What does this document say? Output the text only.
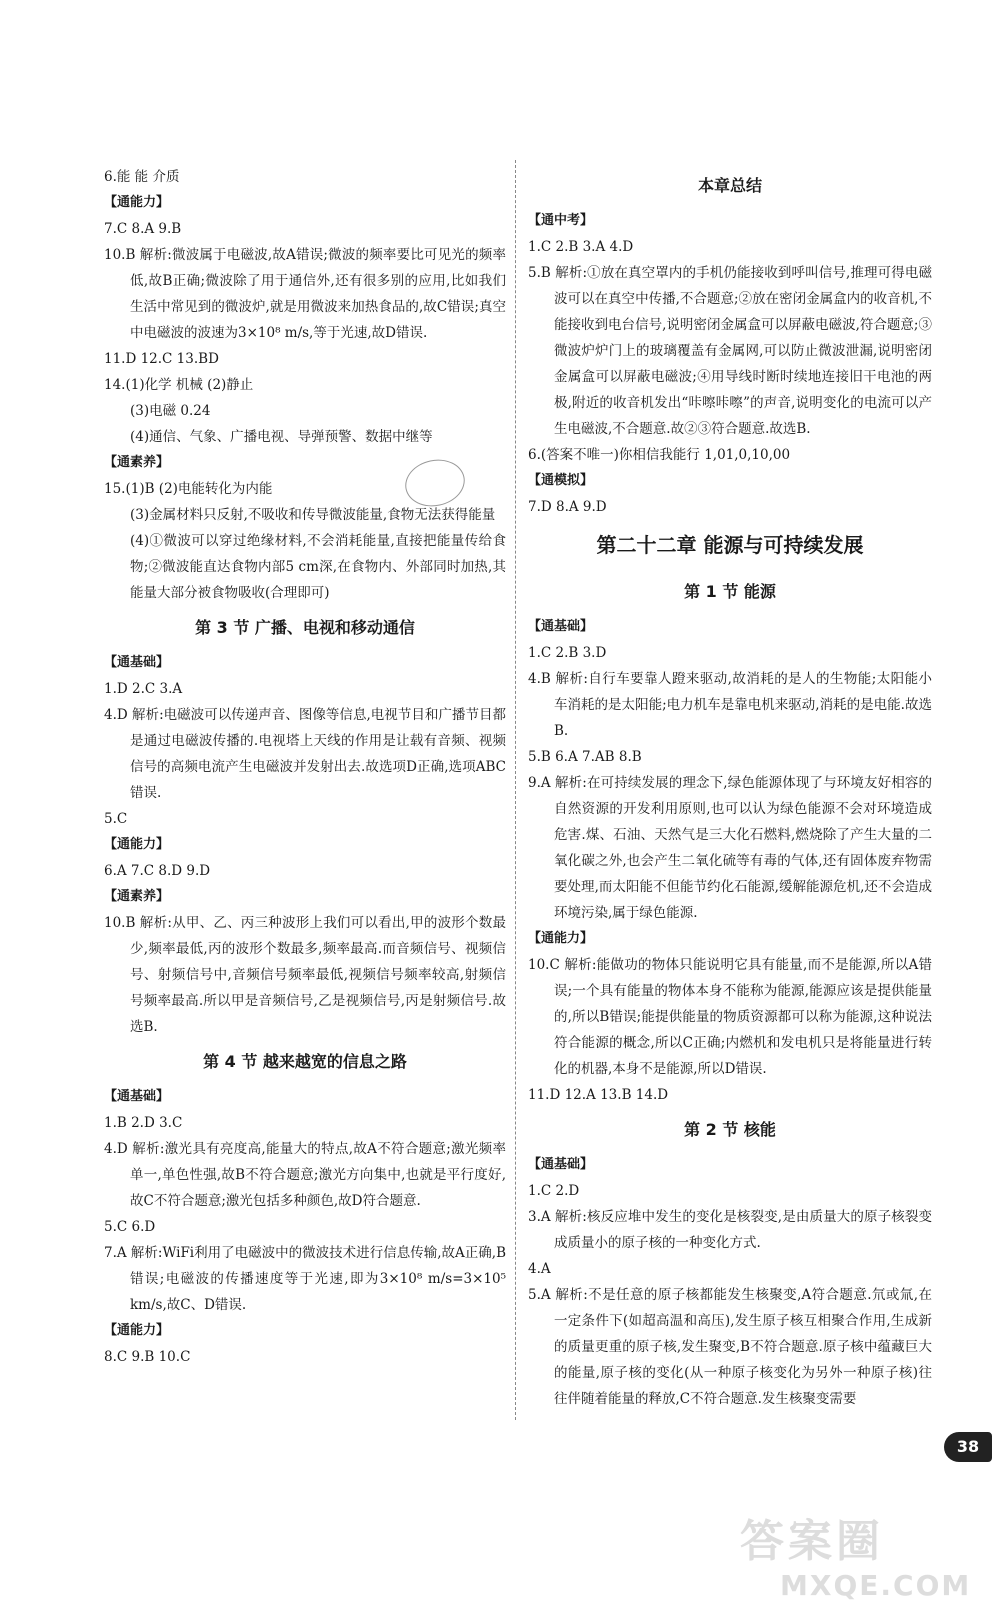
6.能 能 介质
【通能力】
7.C 8.A 9.B
10.B 解析:微波属于电磁波,故A错误;微波的频率要比可见光的频率低,故B正确;微波除了用于通信外,还有很多别的应用,比如我们生活中常见到的微波炉,就是用微波来加热食品的,故C错误;真空中电磁波的波速为3×10⁸ m/s,等于光速,故D错误.
11.D 12.C 13.BD
14.(1)化学 机械 (2)静止
(3)电磁 0.24
(4)通信、气象、广播电视、导弹预警、数据中继等
【通素养】
15.(1)B (2)电能转化为内能
(3)金属材料只反射,不吸收和传导微波能量,食物无法获得能量
(4)①微波可以穿过绝缘材料,不会消耗能量,直接把能量传给食物;②微波能直达食物内部5 cm深,在食物内、外部同时加热,其能量大部分被食物吸收(合理即可)
第 3 节 广播、电视和移动通信
【通基础】
1.D 2.C 3.A
4.D 解析:电磁波可以传递声音、图像等信息,电视节目和广播节目都是通过电磁波传播的.电视塔上天线的作用是让载有音频、视频信号的高频电流产生电磁波并发射出去.故选项D正确,选项ABC错误.
5.C
【通能力】
6.A 7.C 8.D 9.D
【通素养】
10.B 解析:从甲、乙、丙三种波形上我们可以看出,甲的波形个数最少,频率最低,丙的波形个数最多,频率最高.而音频信号、视频信号、射频信号中,音频信号频率最低,视频信号频率较高,射频信号频率最高.所以甲是音频信号,乙是视频信号,丙是射频信号.故选B.
第 4 节 越来越宽的信息之路
【通基础】
1.B 2.D 3.C
4.D 解析:激光具有亮度高,能量大的特点,故A不符合题意;激光频率单一,单色性强,故B不符合题意;激光方向集中,也就是平行度好,故C不符合题意;激光包括多种颜色,故D符合题意.
5.C 6.D
7.A 解析:WiFi利用了电磁波中的微波技术进行信息传输,故A正确,B错误;电磁波的传播速度等于光速,即为3×10⁸ m/s=3×10⁵ km/s,故C、D错误.
【通能力】
8.C 9.B 10.C
本章总结
【通中考】
1.C 2.B 3.A 4.D
5.B 解析:①放在真空罩内的手机仍能接收到呼叫信号,推理可得电磁波可以在真空中传播,不合题意;②放在密闭金属盒内的收音机,不能接收到电台信号,说明密闭金属盒可以屏蔽电磁波,符合题意;③微波炉炉门上的玻璃覆盖有金属网,可以防止微波泄漏,说明密闭金属盒可以屏蔽电磁波;④用导线时断时续地连接旧干电池的两极,附近的收音机发出“咔嚓咔嚓”的声音,说明变化的电流可以产生电磁波,不合题意.故②③符合题意.故选B.
6.(答案不唯一)你相信我能行 1,01,0,10,00
【通模拟】
7.D 8.A 9.D
第二十二章 能源与可持续发展
第 1 节 能源
【通基础】
1.C 2.B 3.D
4.B 解析:自行车要靠人蹬来驱动,故消耗的是人的生物能;太阳能小车消耗的是太阳能;电力机车是靠电机来驱动,消耗的是电能.故选B.
5.B 6.A 7.AB 8.B
9.A 解析:在可持续发展的理念下,绿色能源体现了与环境友好相容的自然资源的开发利用原则,也可以认为绿色能源不会对环境造成危害.煤、石油、天然气是三大化石燃料,燃烧除了产生大量的二氧化碳之外,也会产生二氧化硫等有毒的气体,还有固体废弃物需要处理,而太阳能不但能节约化石能源,缓解能源危机,还不会造成环境污染,属于绿色能源.
【通能力】
10.C 解析:能做功的物体只能说明它具有能量,而不是能源,所以A错误;一个具有能量的物体本身不能称为能源,能源应该是提供能量的,所以B错误;能提供能量的物质资源都可以称为能源,这种说法符合能源的概念,所以C正确;内燃机和发电机只是将能量进行转化的机器,本身不是能源,所以D错误.
11.D 12.A 13.B 14.D
第 2 节 核能
【通基础】
1.C 2.D
3.A 解析:核反应堆中发生的变化是核裂变,是由质量大的原子核裂变成质量小的原子核的一种变化方式.
4.A
5.A 解析:不是任意的原子核都能发生核聚变,A符合题意.氘或氚,在一定条件下(如超高温和高压),发生原子核互相聚合作用,生成新的质量更重的原子核,发生聚变,B不符合题意.原子核中蕴藏巨大的能量,原子核的变化(从一种原子核变化为另外一种原子核)往往伴随着能量的释放,C不符合题意.发生核聚变需要
38
答案圈
MXQE.COM
